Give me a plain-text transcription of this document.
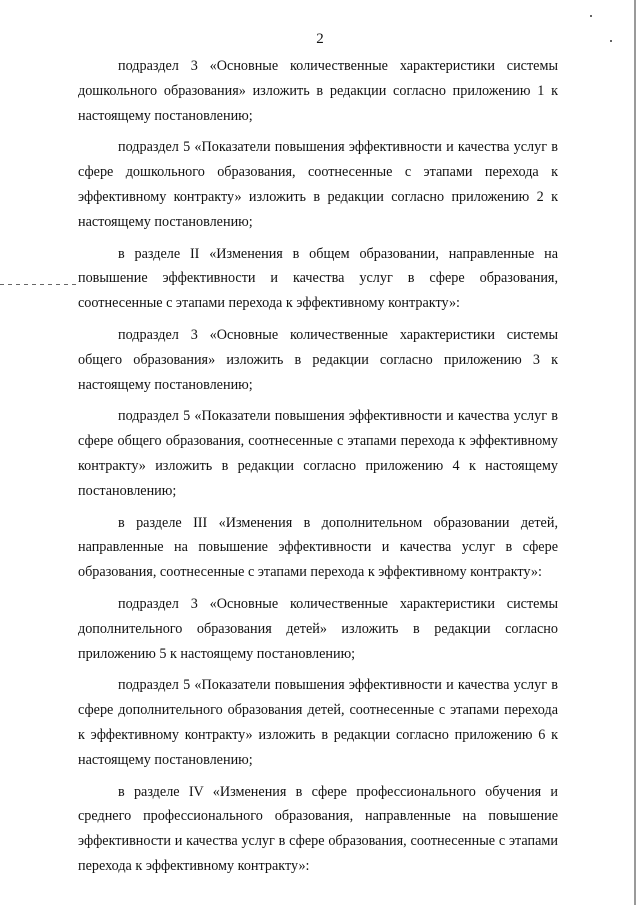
2

подраздел 3 «Основные количественные характеристики системы дошкольного образования» изложить в редакции согласно приложению 1 к настоящему постановлению;

подраздел 5 «Показатели повышения эффективности и качества услуг в сфере дошкольного образования, соотнесенные с этапами перехода к эффективному контракту» изложить в редакции согласно приложению 2 к настоящему постановлению;

в разделе II «Изменения в общем образовании, направленные на повышение эффективности и качества услуг в сфере образования, соотнесенные с этапами перехода к эффективному контракту»:

подраздел 3 «Основные количественные характеристики системы общего образования» изложить в редакции согласно приложению 3 к настоящему постановлению;

подраздел 5 «Показатели повышения эффективности и качества услуг в сфере общего образования, соотнесенные с этапами перехода к эффективному контракту» изложить в редакции согласно приложению 4 к настоящему постановлению;

в разделе III «Изменения в дополнительном образовании детей, направленные на повышение эффективности и качества услуг в сфере образования, соотнесенные с этапами перехода к эффективному контракту»:

подраздел 3 «Основные количественные характеристики системы дополнительного образования детей» изложить в редакции согласно приложению 5 к настоящему постановлению;

подраздел 5 «Показатели повышения эффективности и качества услуг в сфере дополнительного образования детей, соотнесенные с этапами перехода к эффективному контракту» изложить в редакции согласно приложению 6 к настоящему постановлению;

в разделе IV «Изменения в сфере профессионального обучения и среднего профессионального образования, направленные на повышение эффективности и качества услуг в сфере образования, соотнесенные с этапами перехода к эффективному контракту»:
